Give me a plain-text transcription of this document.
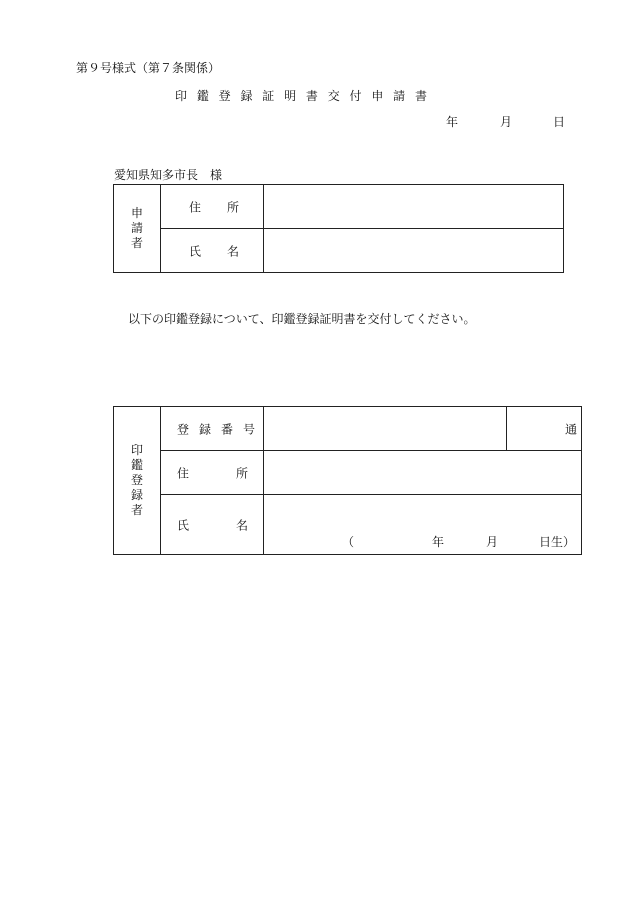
第９号様式（第７条関係）
印 鑑 登 録 証 明 書 交 付 申 請 書
年	月	日
愛知県知多市長　様
申
請
者	住 所	

	氏 名	

以下の印鑑登録について、印鑑登録証明書を交付してください。
印
鑑
登
録
者	登 録 番 号		通

	住 所		

	氏 名	（ 年 月 日生）	
